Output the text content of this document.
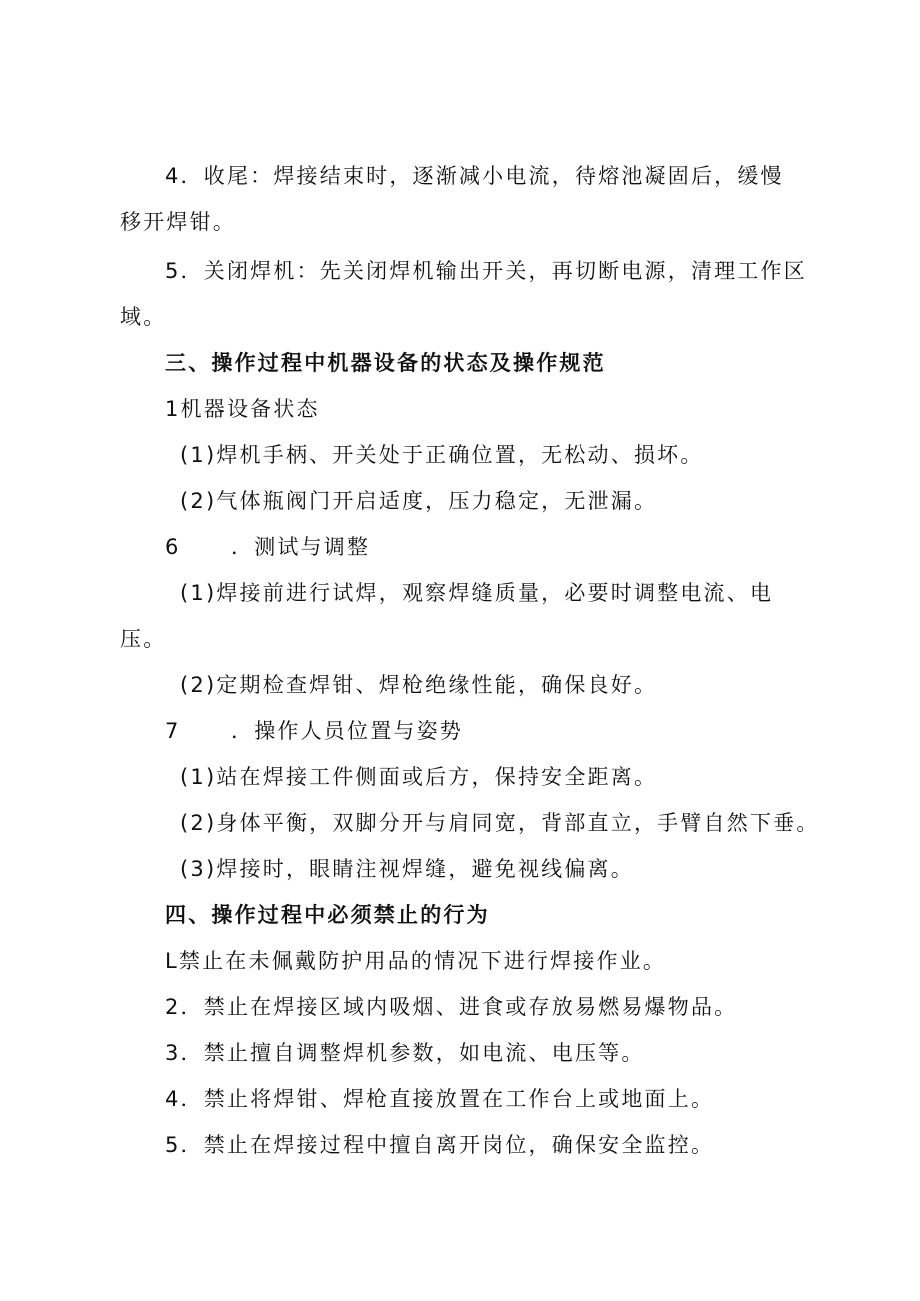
4．收尾：焊接结束时，逐渐减小电流，待熔池凝固后，缓慢
移开焊钳。
5．关闭焊机：先关闭焊机输出开关，再切断电源，清理工作区
域。
三、操作过程中机器设备的状态及操作规范
1机器设备状态
(1)焊机手柄、开关处于正确位置，无松动、损坏。
(2)气体瓶阀门开启适度，压力稳定，无泄漏。
6 ．测试与调整
(1)焊接前进行试焊，观察焊缝质量，必要时调整电流、电
压。
(2)定期检查焊钳、焊枪绝缘性能，确保良好。
7 ．操作人员位置与姿势
(1)站在焊接工件侧面或后方，保持安全距离。
(2)身体平衡，双脚分开与肩同宽，背部直立，手臂自然下垂。
(3)焊接时，眼睛注视焊缝，避免视线偏离。
四、操作过程中必须禁止的行为
L禁止在未佩戴防护用品的情况下进行焊接作业。
2．禁止在焊接区域内吸烟、进食或存放易燃易爆物品。
3．禁止擅自调整焊机参数，如电流、电压等。
4．禁止将焊钳、焊枪直接放置在工作台上或地面上。
5．禁止在焊接过程中擅自离开岗位，确保安全监控。
